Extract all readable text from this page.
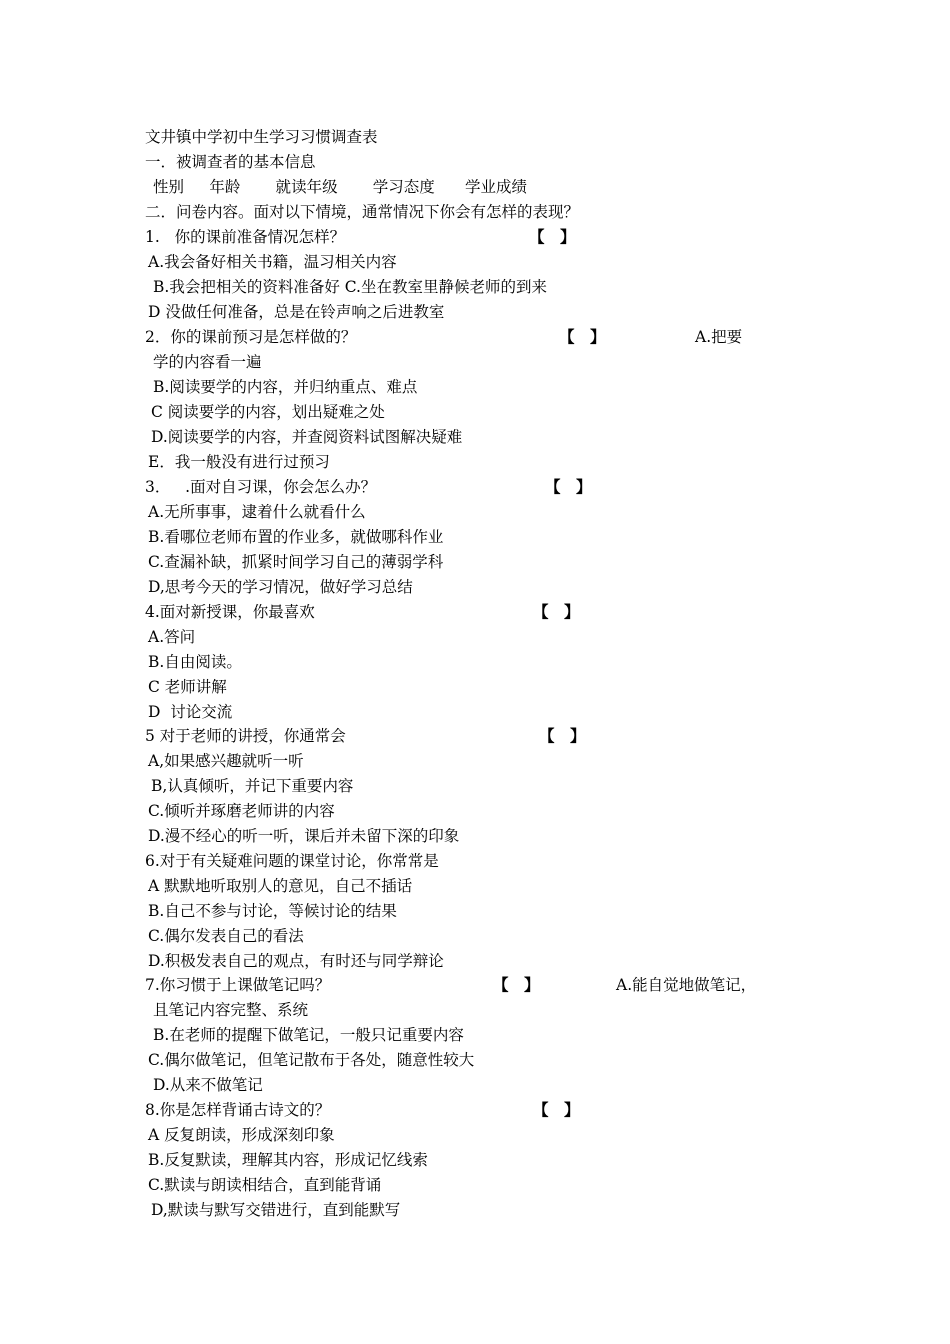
文井镇中学初中生学习习惯调查表
一．被调查者的基本信息
性别　  年龄　    就读年级　    学习态度　   学业成绩
二．问卷内容。面对以下情境，通常情况下你会有怎样的表现？
1.   你的课前准备情况怎样？	【　】
A.我会备好相关书籍，温习相关内容
B.我会把相关的资料准备好 C.坐在教室里静候老师的到来
D 没做任何准备，总是在铃声响之后进教室
2．你的课前预习是怎样做的？	【　】	A.把要
学的内容看一遍
B.阅读要学的内容，并归纳重点、难点
C 阅读要学的内容，划出疑难之处
D.阅读要学的内容，并查阅资料试图解决疑难
E．我一般没有进行过预习
3．   .面对自习课，你会怎么办？	【　】
A.无所事事，逮着什么就看什么
B.看哪位老师布置的作业多，就做哪科作业
C.查漏补缺，抓紧时间学习自己的薄弱学科
D,思考今天的学习情况，做好学习总结
4.面对新授课，你最喜欢	【　】
A.答问
B.自由阅读。
C 老师讲解
D  讨论交流
5 对于老师的讲授，你通常会	【　】
A,如果感兴趣就听一听
B,认真倾听，并记下重要内容
C.倾听并琢磨老师讲的内容
D.漫不经心的听一听，课后并未留下深的印象
6.对于有关疑难问题的课堂讨论，你常常是
A 默默地听取别人的意见，自己不插话
B.自己不参与讨论，等候讨论的结果
C.偶尔发表自己的看法
D.积极发表自己的观点，有时还与同学辩论
7.你习惯于上课做笔记吗？	【　】	A.能自觉地做笔记，
且笔记内容完整、系统
B.在老师的提醒下做笔记，一般只记重要内容
C.偶尔做笔记，但笔记散布于各处，随意性较大
D.从来不做笔记
8.你是怎样背诵古诗文的？	【　】
A 反复朗读，形成深刻印象
B.反复默读，理解其内容，形成记忆线索
C.默读与朗读相结合，直到能背诵
D,默读与默写交错进行，直到能默写
